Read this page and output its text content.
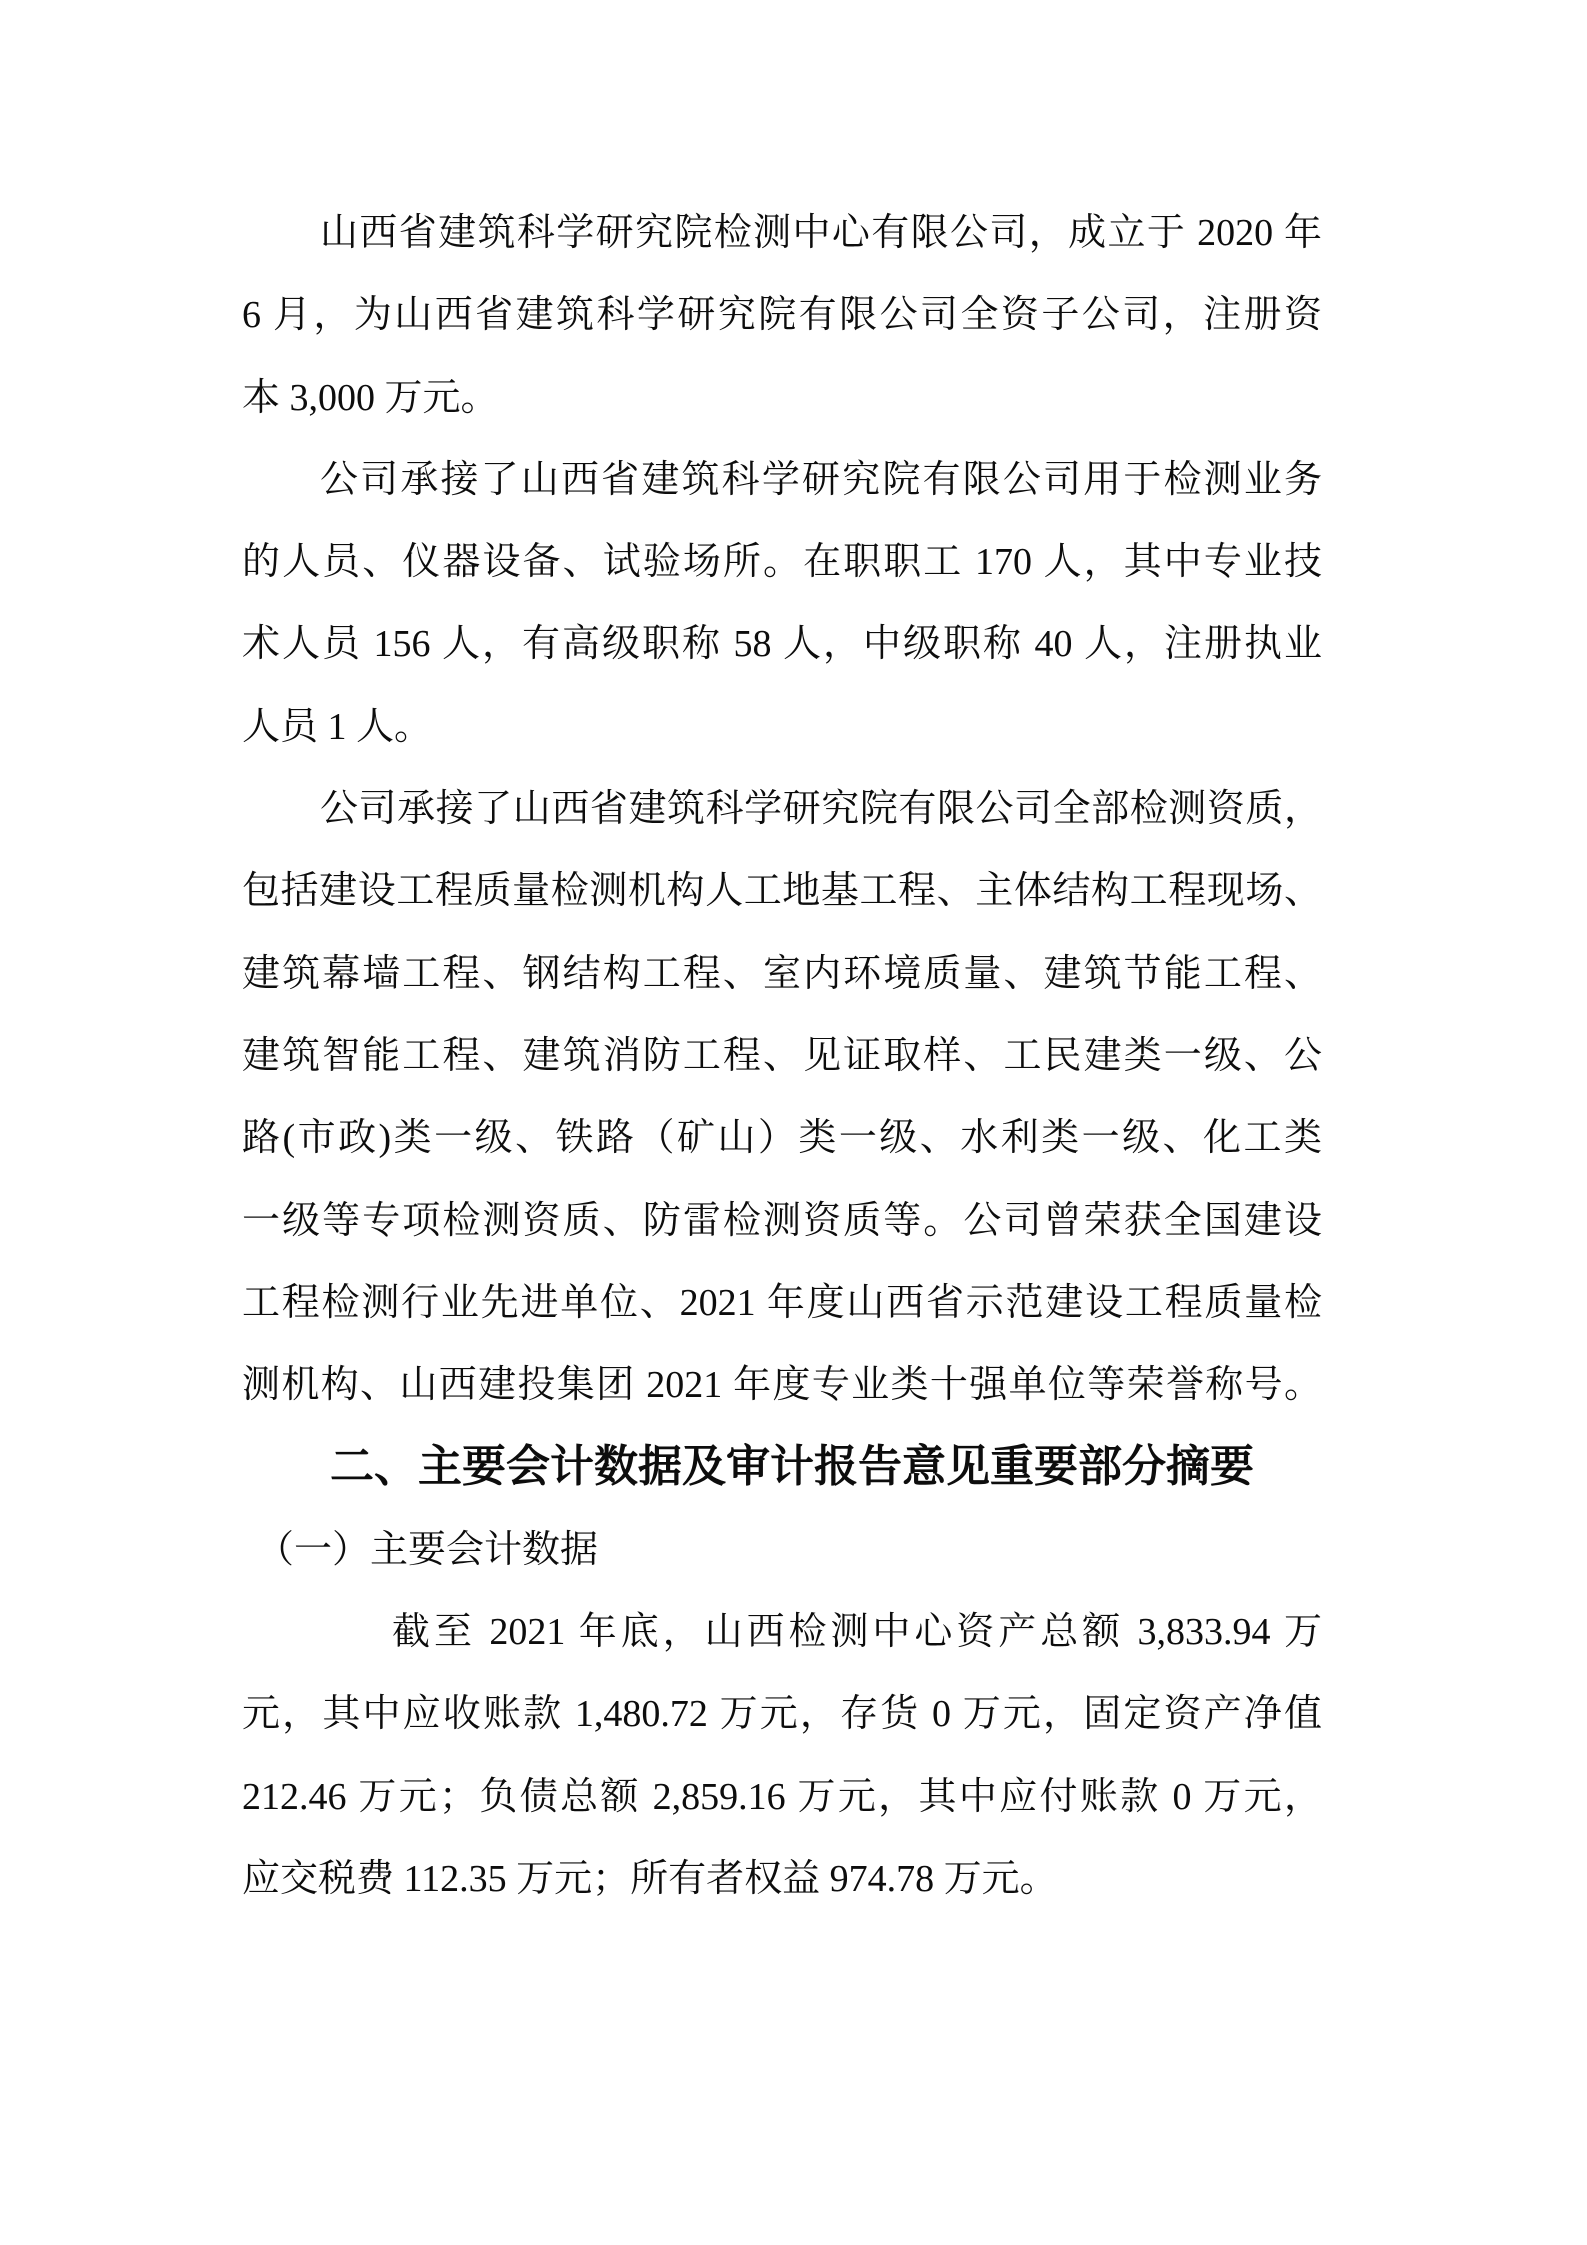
山西省建筑科学研究院检测中心有限公司，成立于 2020 年
6 月，为山西省建筑科学研究院有限公司全资子公司，注册资
本 3,000 万元。
公司承接了山西省建筑科学研究院有限公司用于检测业务
的人员、仪器设备、试验场所。在职职工 170 人，其中专业技
术人员 156 人，有高级职称 58 人，中级职称 40 人，注册执业
人员 1 人。
公司承接了山西省建筑科学研究院有限公司全部检测资质，
包括建设工程质量检测机构人工地基工程、主体结构工程现场、
建筑幕墙工程、钢结构工程、室内环境质量、建筑节能工程、
建筑智能工程、建筑消防工程、见证取样、工民建类一级、公
路(市政)类一级、铁路（矿山）类一级、水利类一级、化工类
一级等专项检测资质、防雷检测资质等。公司曾荣获全国建设
工程检测行业先进单位、2021 年度山西省示范建设工程质量检
测机构、山西建投集团 2021 年度专业类十强单位等荣誉称号。
二、主要会计数据及审计报告意见重要部分摘要
（一）主要会计数据
截至 2021 年底，山西检测中心资产总额 3,833.94 万
元，其中应收账款 1,480.72 万元，存货 0 万元，固定资产净值
212.46 万元；负债总额 2,859.16 万元，其中应付账款 0 万元，
应交税费 112.35 万元；所有者权益 974.78 万元。
